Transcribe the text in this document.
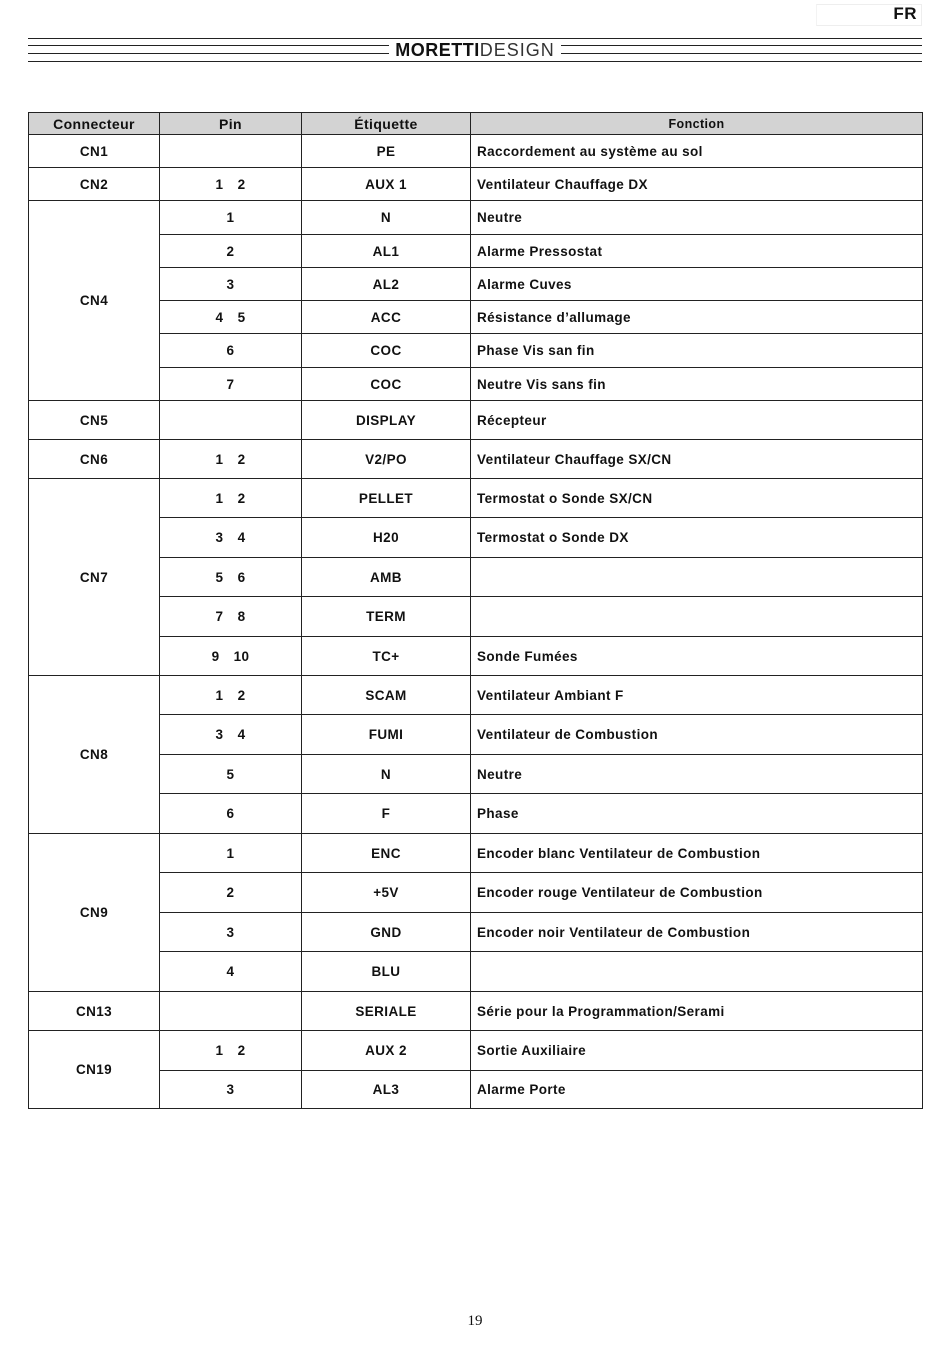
FR
MORETTIDESIGN
Connecteur	Pin	Étiquette	Fonction
CN1		PE	Raccordement au système au sol
CN2	1 2	AUX 1	Ventilateur Chauffage DX
CN4	1	N	Neutre
	2	AL1	Alarme Pressostat
	3	AL2	Alarme Cuves
	4 5	ACC	Résistance d’allumage
	6	COC	Phase Vis san fin
	7	COC	Neutre Vis sans fin
CN5		DISPLAY	Récepteur
CN6	1 2	V2/PO	Ventilateur Chauffage SX/CN
CN7	1 2	PELLET	Termostat o Sonde SX/CN
	3 4	H20	Termostat o Sonde DX
	5 6	AMB	
	7 8	TERM	
	9 10	TC+	Sonde Fumées
CN8	1 2	SCAM	Ventilateur Ambiant F
	3 4	FUMI	Ventilateur de Combustion
	5	N	Neutre
	6	F	Phase
CN9	1	ENC	Encoder blanc Ventilateur de Combustion
	2	+5V	Encoder rouge Ventilateur de Combustion
	3	GND	Encoder noir Ventilateur de Combustion
	4	BLU	
CN13		SERIALE	Série pour la Programmation/Serami
CN19	1 2	AUX 2	Sortie Auxiliaire
	3	AL3	Alarme Porte
19
